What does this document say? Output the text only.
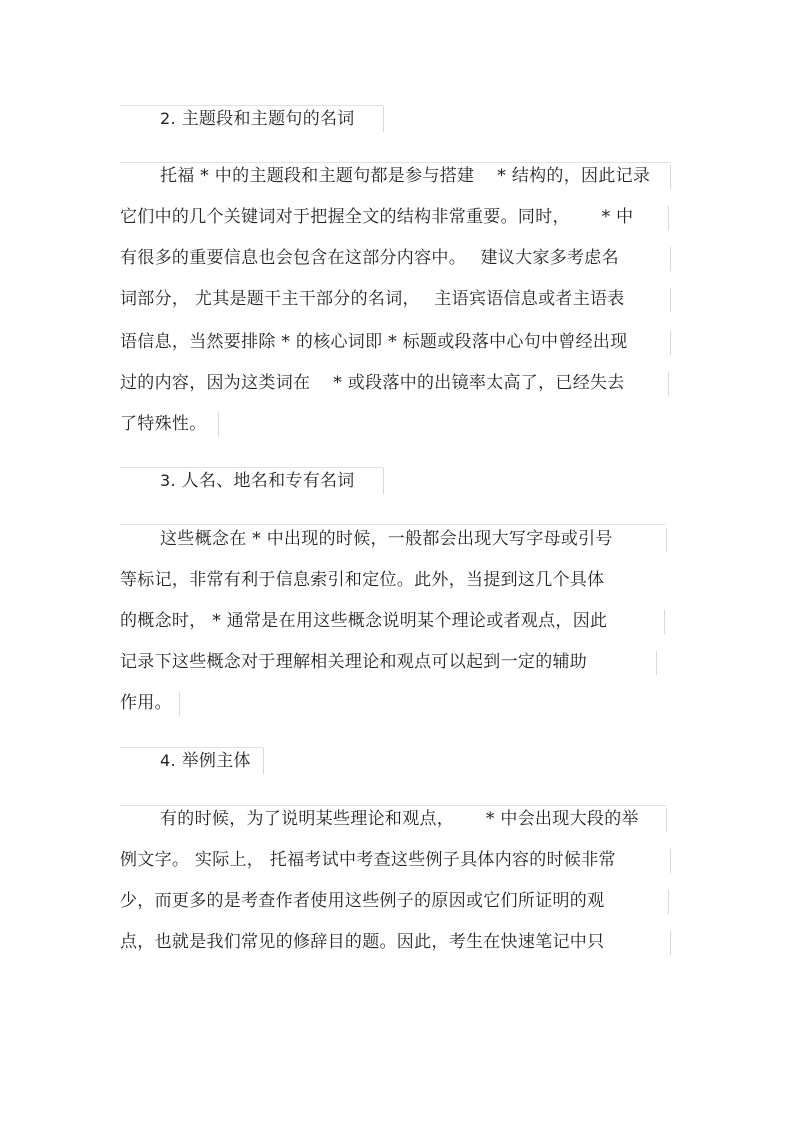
2. 主题段和主题句的名词
托福 * 中的主题段和主题句都是参与搭建　 * 结构的，因此记录
它们中的几个关键词对于把握全文的结构非常重要。同时，　　 * 中
有很多的重要信息也会包含在这部分内容中。　 建议大家多考虑名
词部分， 尤其是题干主干部分的名词，　 主语宾语信息或者主语表
语信息，当然要排除 * 的核心词即 * 标题或段落中心句中曾经出现
过的内容，因为这类词在　 * 或段落中的出镜率太高了，已经失去
了特殊性。
3. 人名、地名和专有名词
这些概念在 * 中出现的时候，一般都会出现大写字母或引号
等标记，非常有利于信息索引和定位。此外，当提到这几个具体
的概念时， * 通常是在用这些概念说明某个理论或者观点，因此
记录下这些概念对于理解相关理论和观点可以起到一定的辅助
作用。
4. 举例主体
有的时候，为了说明某些理论和观点，　　 * 中会出现大段的举
例文字。 实际上， 托福考试中考查这些例子具体内容的时候非常
少，而更多的是考查作者使用这些例子的原因或它们所证明的观
点，也就是我们常见的修辞目的题。因此，考生在快速笔记中只
